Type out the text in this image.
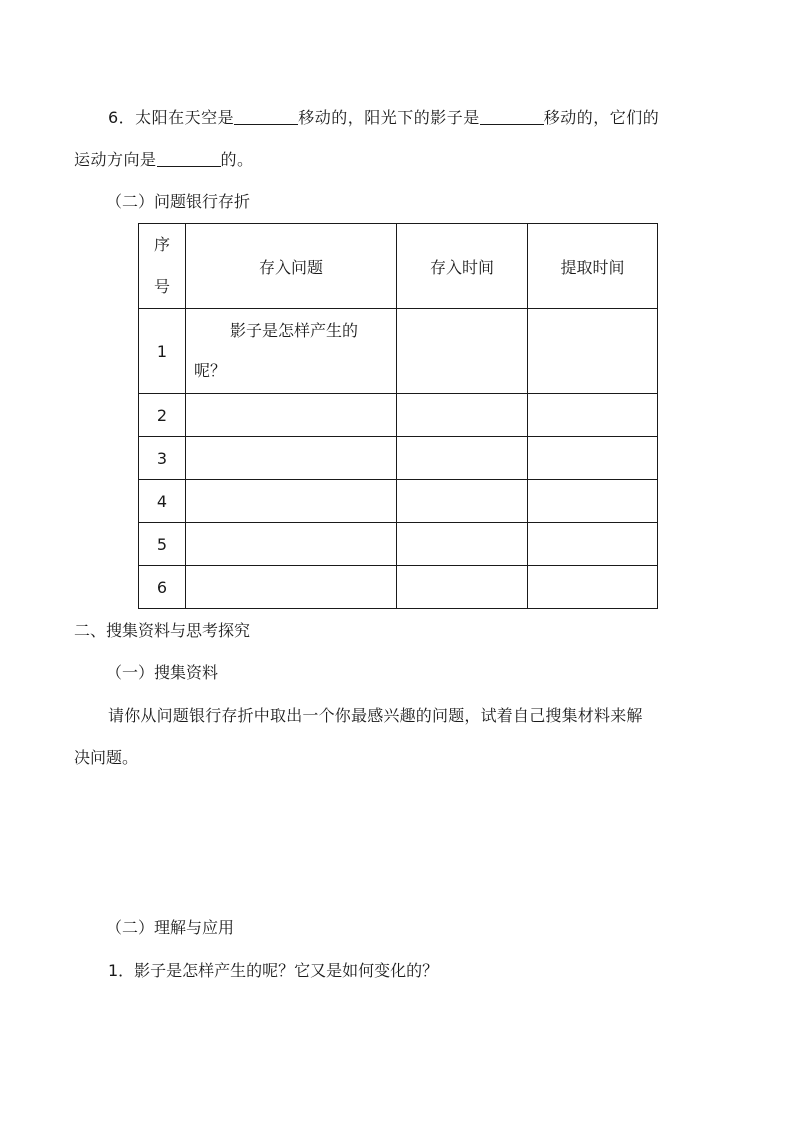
6．太阳在天空是	移动的，阳光下的影子是	移动的，它们的
运动方向是	的。
（二）问题银行存折
序
号	存入问题	存入时间	提取时间
1	影子是怎样产生的
呢？		

2			
3			
4			
5			
6			
二、搜集资料与思考探究
（一）搜集资料
请你从问题银行存折中取出一个你最感兴趣的问题，试着自己搜集材料来解
决问题。
（二）理解与应用
1．影子是怎样产生的呢？它又是如何变化的？
